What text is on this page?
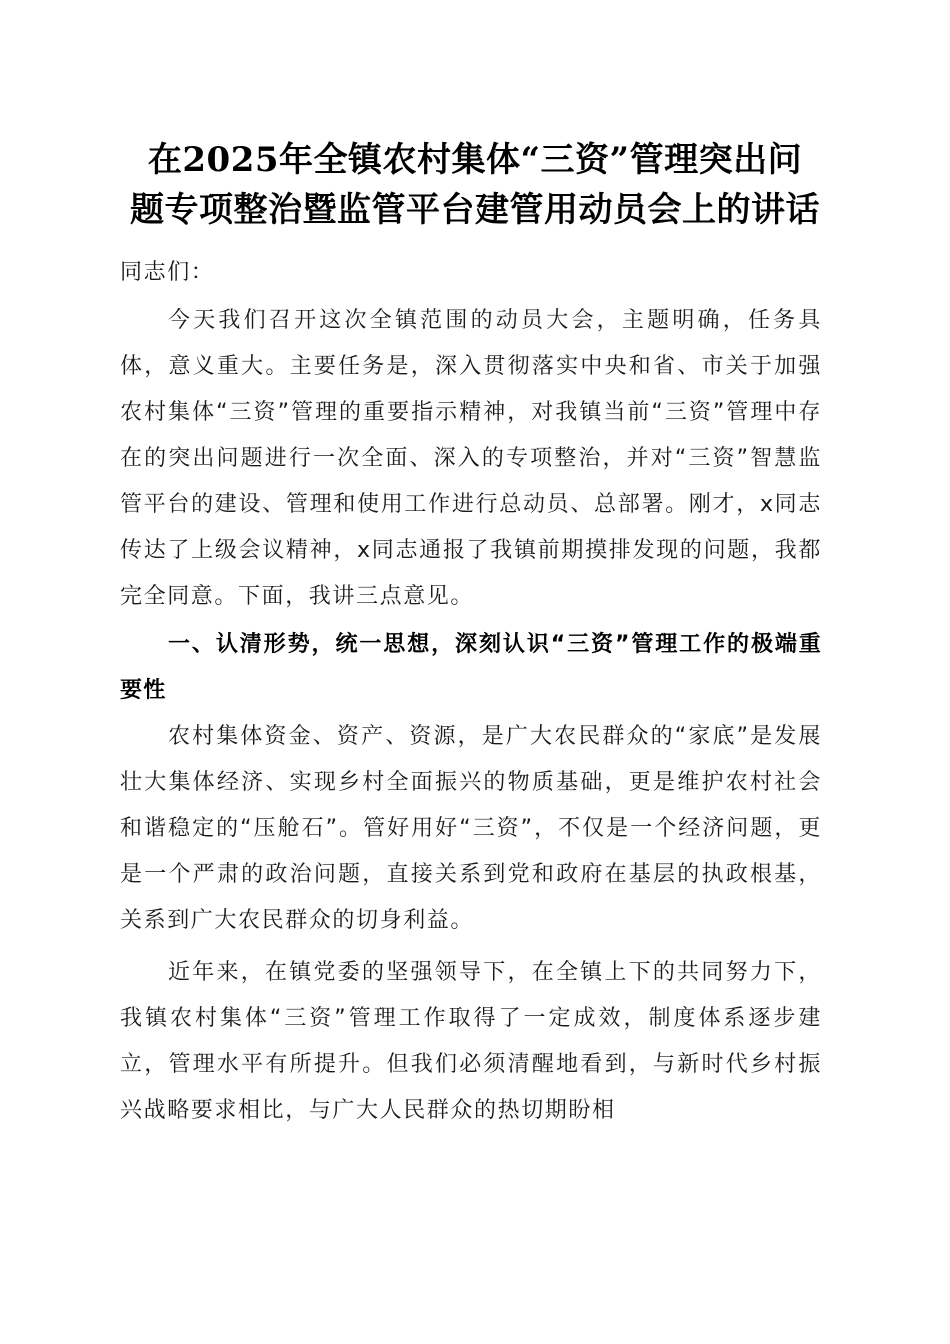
在2025年全镇农村集体“三资”管理突出问
题专项整治暨监管平台建管用动员会上的讲话

同志们：

今天我们召开这次全镇范围的动员大会，主题明确，任务具体，意义重大。主要任务是，深入贯彻落实中央和省、市关于加强农村集体“三资”管理的重要指示精神，对我镇当前“三资”管理中存在的突出问题进行一次全面、深入的专项整治，并对“三资”智慧监管平台的建设、管理和使用工作进行总动员、总部署。刚才，x同志传达了上级会议精神，x同志通报了我镇前期摸排发现的问题，我都完全同意。下面，我讲三点意见。

一、认清形势，统一思想，深刻认识“三资”管理工作的极端重要性

农村集体资金、资产、资源，是广大农民群众的“家底”是发展壮大集体经济、实现乡村全面振兴的物质基础，更是维护农村社会和谐稳定的“压舱石”。管好用好“三资”，不仅是一个经济问题，更是一个严肃的政治问题，直接关系到党和政府在基层的执政根基，关系到广大农民群众的切身利益。

近年来，在镇党委的坚强领导下，在全镇上下的共同努力下，我镇农村集体“三资”管理工作取得了一定成效，制度体系逐步建立，管理水平有所提升。但我们必须清醒地看到，与新时代乡村振兴战略要求相比，与广大人民群众的热切期盼相
